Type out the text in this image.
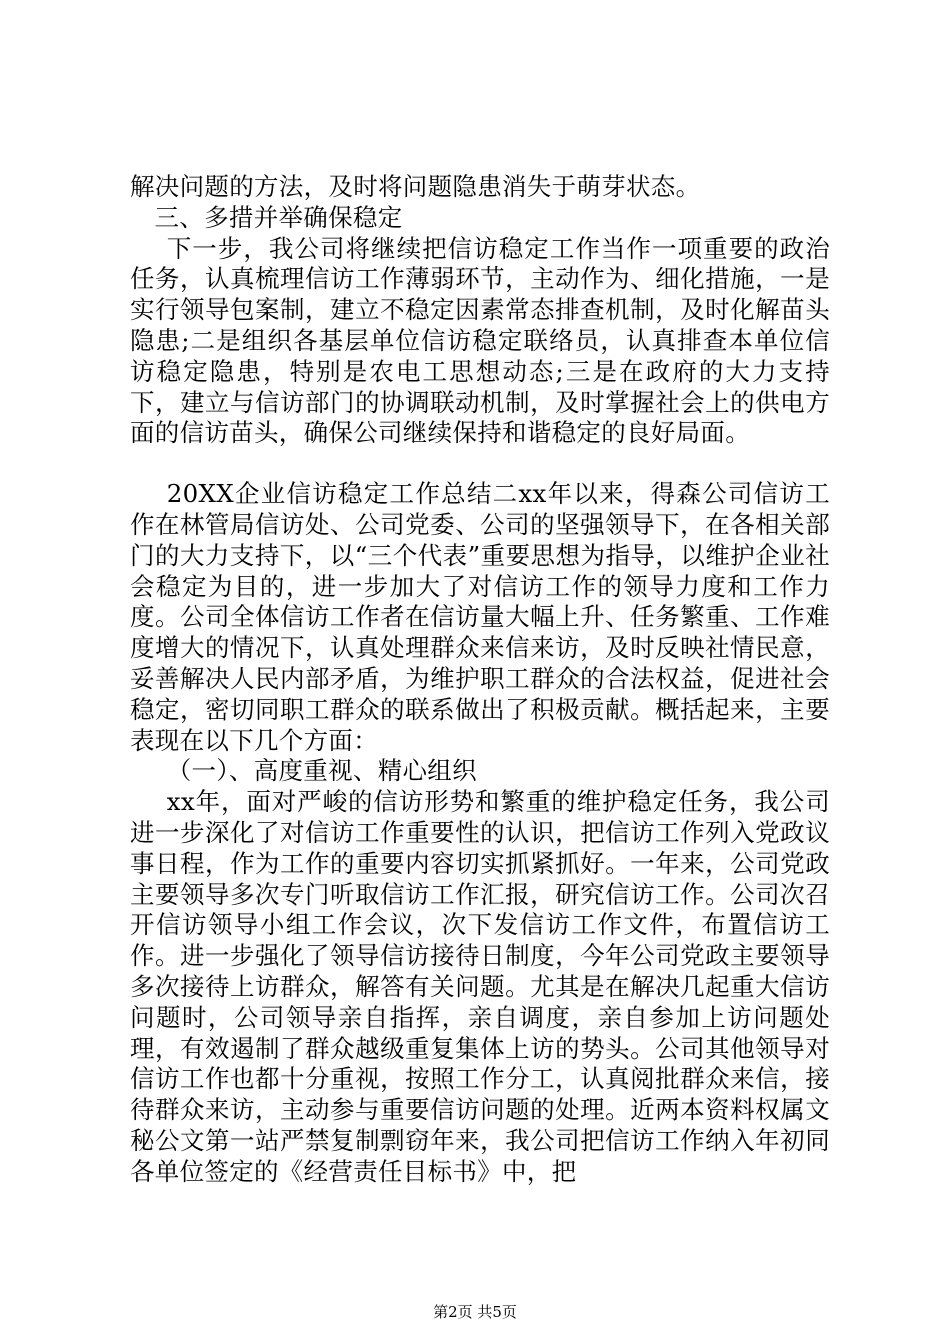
解决问题的方法，及时将问题隐患消失于萌芽状态。

三、多措并举确保稳定

下一步，我公司将继续把信访稳定工作当作一项重要的政治任务，认真梳理信访工作薄弱环节，主动作为、细化措施，一是实行领导包案制，建立不稳定因素常态排查机制，及时化解苗头隐患;二是组织各基层单位信访稳定联络员，认真排查本单位信访稳定隐患，特别是农电工思想动态;三是在政府的大力支持下，建立与信访部门的协调联动机制，及时掌握社会上的供电方面的信访苗头，确保公司继续保持和谐稳定的良好局面。

20XX企业信访稳定工作总结二xx年以来，得森公司信访工作在林管局信访处、公司党委、公司的坚强领导下，在各相关部门的大力支持下，以“三个代表”重要思想为指导，以维护企业社会稳定为目的，进一步加大了对信访工作的领导力度和工作力度。公司全体信访工作者在信访量大幅上升、任务繁重、工作难度增大的情况下，认真处理群众来信来访，及时反映社情民意，妥善解决人民内部矛盾，为维护职工群众的合法权益，促进社会稳定，密切同职工群众的联系做出了积极贡献。概括起来，主要表现在以下几个方面：

（一）、高度重视、精心组织

xx年，面对严峻的信访形势和繁重的维护稳定任务，我公司进一步深化了对信访工作重要性的认识，把信访工作列入党政议事日程，作为工作的重要内容切实抓紧抓好。一年来，公司党政主要领导多次专门听取信访工作汇报，研究信访工作。公司次召开信访领导小组工作会议，次下发信访工作文件，布置信访工作。进一步强化了领导信访接待日制度，今年公司党政主要领导多次接待上访群众，解答有关问题。尤其是在解决几起重大信访问题时，公司领导亲自指挥，亲自调度，亲自参加上访问题处理，有效遏制了群众越级重复集体上访的势头。公司其他领导对信访工作也都十分重视，按照工作分工，认真阅批群众来信，接待群众来访，主动参与重要信访问题的处理。近两本资料权属文秘公文第一站严禁复制剽窃年来，我公司把信访工作纳入年初同各单位签定的《经营责任目标书》中，把

第2页 共5页
